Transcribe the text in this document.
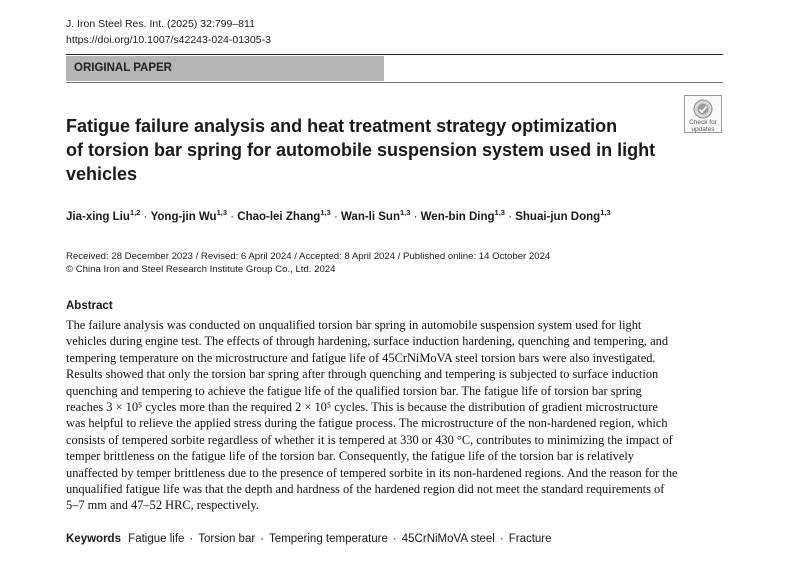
J. Iron Steel Res. Int. (2025) 32:799–811
https://doi.org/10.1007/s42243-024-01305-3
ORIGINAL PAPER
Check for
updates
Fatigue failure analysis and heat treatment strategy optimization
of torsion bar spring for automobile suspension system used in light
vehicles
Jia-xing Liu$^{1,2}$ · Yong-jin Wu$^{1,3}$ · Chao-lei Zhang$^{1,3}$ · Wan-li Sun$^{1,3}$ · Wen-bin Ding$^{1,3}$ · Shuai-jun Dong$^{1,3}$
Received: 28 December 2023 / Revised: 6 April 2024 / Accepted: 8 April 2024 / Published online: 14 October 2024
© China Iron and Steel Research Institute Group Co., Ltd. 2024
Abstract
The failure analysis was conducted on unqualified torsion bar spring in automobile suspension system used for light
vehicles during engine test. The effects of through hardening, surface induction hardening, quenching and tempering, and
tempering temperature on the microstructure and fatigue life of 45CrNiMoVA steel torsion bars were also investigated.
Results showed that only the torsion bar spring after through quenching and tempering is subjected to surface induction
quenching and tempering to achieve the fatigue life of the qualified torsion bar. The fatigue life of torsion bar spring
reaches 3 × 10⁵ cycles more than the required 2 × 10⁵ cycles. This is because the distribution of gradient microstructure
was helpful to relieve the applied stress during the fatigue process. The microstructure of the non-hardened region, which
consists of tempered sorbite regardless of whether it is tempered at 330 or 430 °C, contributes to minimizing the impact of
temper brittleness on the fatigue life of the torsion bar. Consequently, the fatigue life of the torsion bar is relatively
unaffected by temper brittleness due to the presence of tempered sorbite in its non-hardened regions. And the reason for the
unqualified fatigue life was that the depth and hardness of the hardened region did not meet the standard requirements of
5–7 mm and 47–52 HRC, respectively.
Keywords Fatigue life · Torsion bar · Tempering temperature · 45CrNiMoVA steel · Fracture
